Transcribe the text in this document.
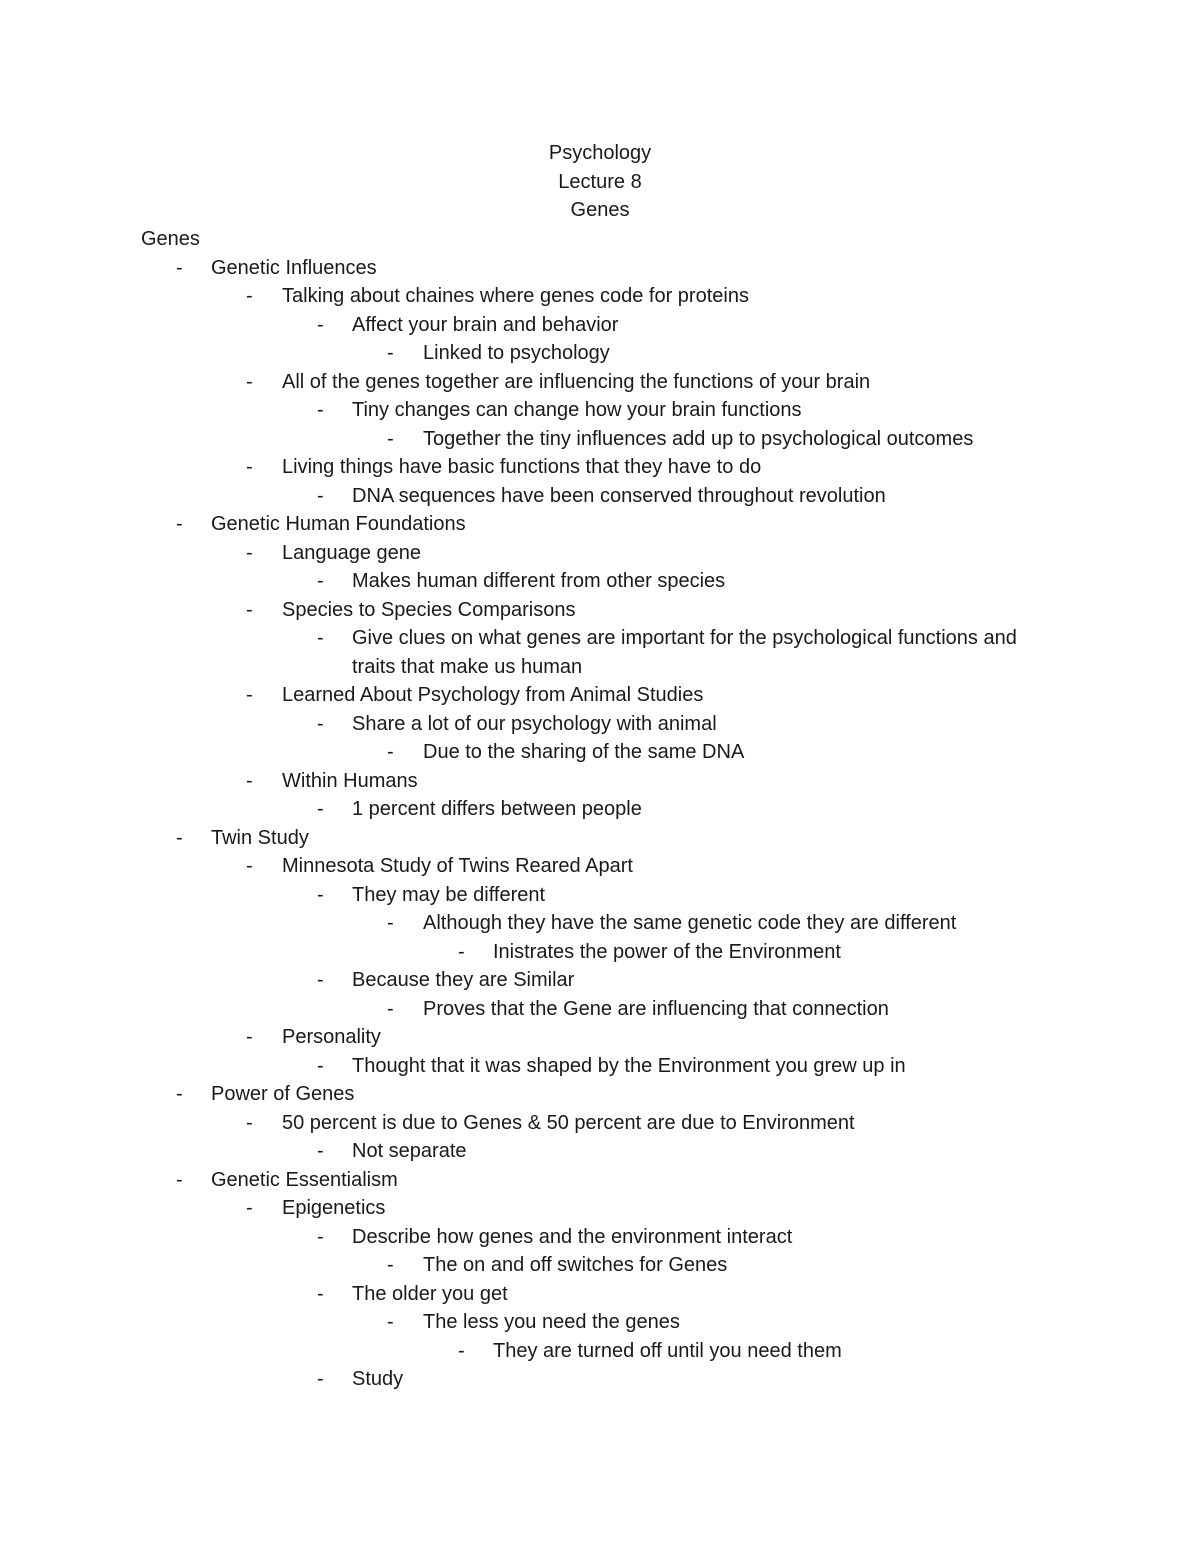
Psychology
Lecture 8
Genes
Genes
- Genetic Influences
- Talking about chaines where genes code for proteins
- Affect your brain and behavior
- Linked to psychology
- All of the genes together are influencing the functions of your brain
- Tiny changes can change how your brain functions
- Together the tiny influences add up to psychological outcomes
- Living things have basic functions that they have to do
- DNA sequences have been conserved throughout revolution
- Genetic Human Foundations
- Language gene
- Makes human different from other species
- Species to Species Comparisons
- Give clues on what genes are important for the psychological functions and traits that make us human
- Learned About Psychology from Animal Studies
- Share a lot of our psychology with animal
- Due to the sharing of the same DNA
- Within Humans
- 1 percent differs between people
- Twin Study
- Minnesota Study of Twins Reared Apart
- They may be different
- Although they have the same genetic code they are different
- Inistrates the power of the Environment
- Because they are Similar
- Proves that the Gene are influencing that connection
- Personality
- Thought that it was shaped by the Environment you grew up in
- Power of Genes
- 50 percent is due to Genes & 50 percent are due to Environment
- Not separate
- Genetic Essentialism
- Epigenetics
- Describe how genes and the environment interact
- The on and off switches for Genes
- The older you get
- The less you need the genes
- They are turned off until you need them
- Study
